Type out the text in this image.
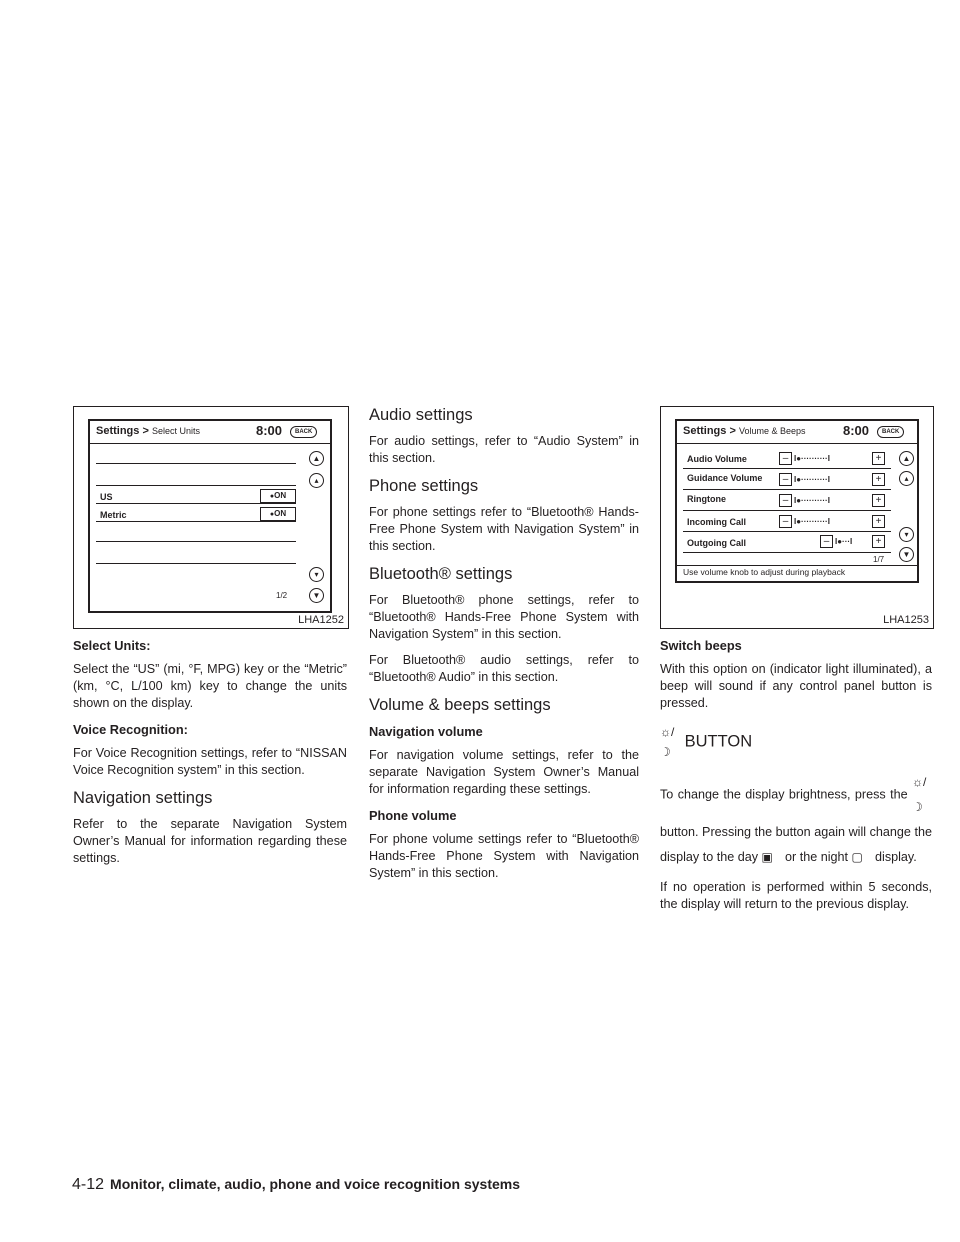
Settings > Select Units	8:00	BACK
US	● ON
Metric	● ON
▲
▴
▾
▼
1/2
LHA1252

Select Units:

Select the “US” (mi, °F, MPG) key or the “Metric” (km, °C, L/100 km) key to change the units shown on the display.

Voice Recognition:

For Voice Recognition settings, refer to “NISSAN Voice Recognition system” in this section.

Navigation settings

Refer to the separate Navigation System Owner’s Manual for information regarding these settings.

Audio settings

For audio settings, refer to “Audio System” in this section.

Phone settings

For phone settings refer to “Bluetooth® Hands-Free Phone System with Navigation System” in this section.

Bluetooth® settings

For Bluetooth® phone settings, refer to “Bluetooth® Hands-Free Phone System with Navigation System” in this section.

For Bluetooth® audio settings, refer to “Bluetooth® Audio” in this section.

Volume & beeps settings

Navigation volume

For navigation volume settings, refer to the separate Navigation System Owner’s Manual for information regarding these settings.

Phone volume

For phone volume settings refer to “Bluetooth® Hands-Free Phone System with Navigation System” in this section.

Settings > Volume & Beeps	8:00	BACK
Audio Volume	– I●··········I	+
Guidance Volume	– I●··········I	+
Ringtone	– I●··········I	+
Incoming Call	– I●··········I	+
Outgoing Call	– I●···I	+
▲
▴
▾
▼
1/7
Use volume knob to adjust during playback
LHA1253

Switch beeps

With this option on (indicator light illuminated), a beep will sound if any control panel button is pressed.

☼/☽ BUTTON

To change the display brightness, press the ☼/☽ button. Pressing the button again will change the display to the day ▣ or the night ▢ display.

If no operation is performed within 5 seconds, the display will return to the previous display.

4-12 Monitor, climate, audio, phone and voice recognition systems
